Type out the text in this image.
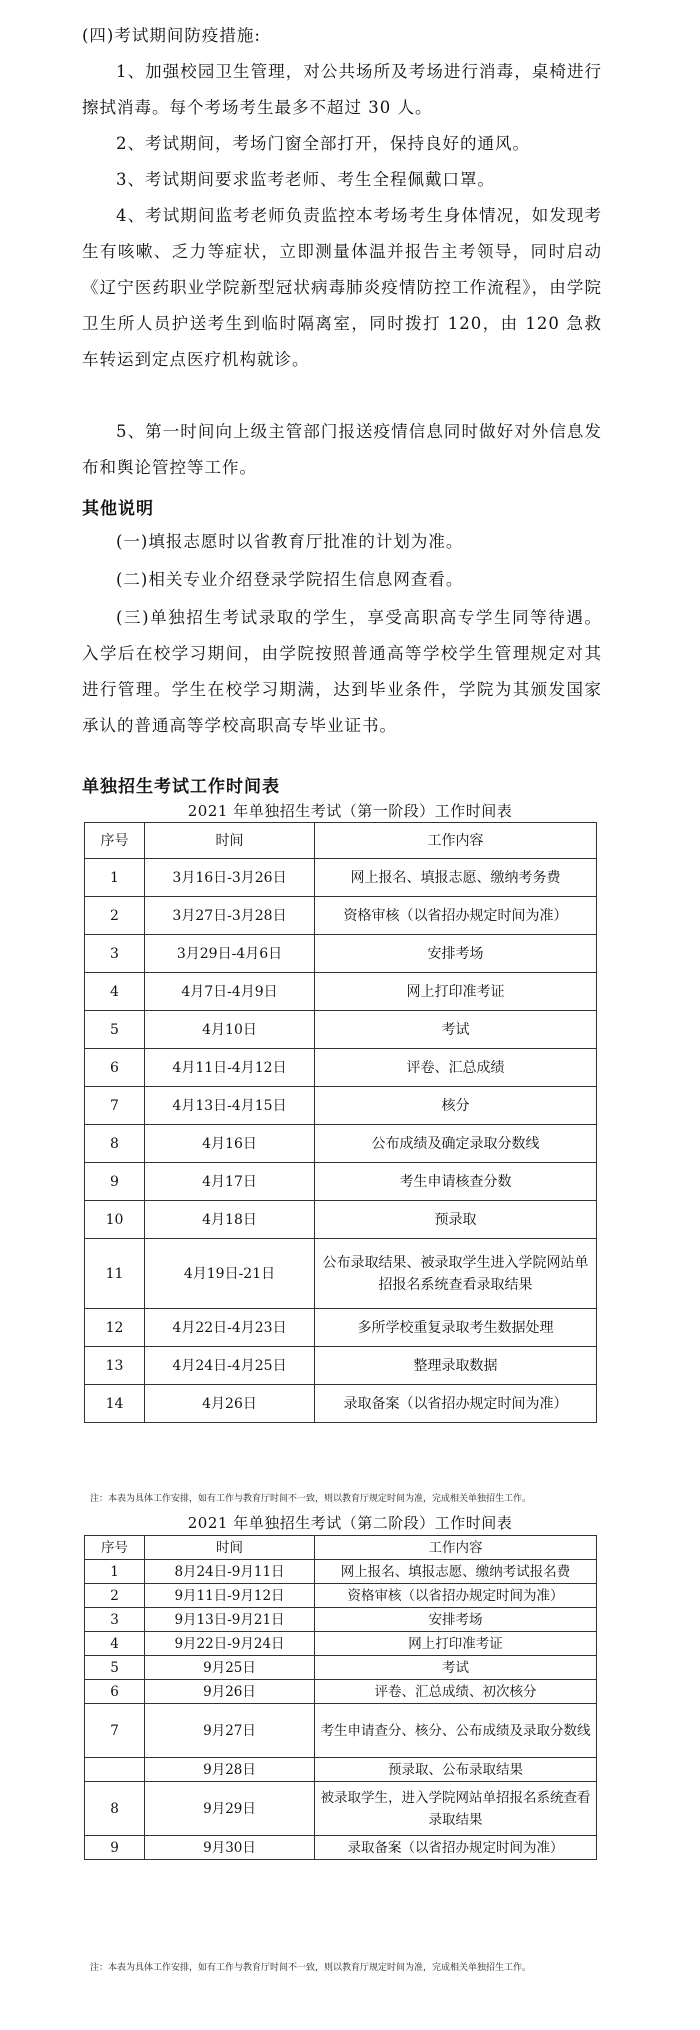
(四)考试期间防疫措施:
1、加强校园卫生管理，对公共场所及考场进行消毒，桌椅进行擦拭消毒。每个考场考生最多不超过 30 人。
2、考试期间，考场门窗全部打开，保持良好的通风。
3、考试期间要求监考老师、考生全程佩戴口罩。
4、考试期间监考老师负责监控本考场考生身体情况，如发现考生有咳嗽、乏力等症状，立即测量体温并报告主考领导，同时启动《辽宁医药职业学院新型冠状病毒肺炎疫情防控工作流程》，由学院卫生所人员护送考生到临时隔离室，同时拨打 120，由 120 急救车转运到定点医疗机构就诊。
5、第一时间向上级主管部门报送疫情信息同时做好对外信息发布和舆论管控等工作。
其他说明
(一)填报志愿时以省教育厅批准的计划为准。
(二)相关专业介绍登录学院招生信息网查看。
(三)单独招生考试录取的学生，享受高职高专学生同等待遇。入学后在校学习期间，由学院按照普通高等学校学生管理规定对其进行管理。学生在校学习期满，达到毕业条件，学院为其颁发国家承认的普通高等学校高职高专毕业证书。
单独招生考试工作时间表
2021 年单独招生考试（第一阶段）工作时间表
序号	时间	工作内容
1	3月16日-3月26日	网上报名、填报志愿、缴纳考务费
2	3月27日-3月28日	资格审核（以省招办规定时间为准）
3	3月29日-4月6日	安排考场
4	4月7日-4月9日	网上打印准考证
5	4月10日	考试
6	4月11日-4月12日	评卷、汇总成绩
7	4月13日-4月15日	核分
8	4月16日	公布成绩及确定录取分数线
9	4月17日	考生申请核查分数
10	4月18日	预录取
11	4月19日-21日	公布录取结果、被录取学生进入学院网站单招报名系统查看录取结果
12	4月22日-4月23日	多所学校重复录取考生数据处理
13	4月24日-4月25日	整理录取数据
14	4月26日	录取备案（以省招办规定时间为准）
注：本表为具体工作安排，如有工作与教育厅时间不一致，则以教育厅规定时间为准，完成相关单独招生工作。
2021 年单独招生考试（第二阶段）工作时间表
序号	时间	工作内容
1	8月24日-9月11日	网上报名、填报志愿、缴纳考试报名费
2	9月11日-9月12日	资格审核（以省招办规定时间为准）
3	9月13日-9月21日	安排考场
4	9月22日-9月24日	网上打印准考证
5	9月25日	考试
6	9月26日	评卷、汇总成绩、初次核分
7	9月27日	考生申请查分、核分、公布成绩及录取分数线
	9月28日	预录取、公布录取结果
8	9月29日	被录取学生，进入学院网站单招报名系统查看录取结果
9	9月30日	录取备案（以省招办规定时间为准）
注：本表为具体工作安排，如有工作与教育厅时间不一致，则以教育厅规定时间为准，完成相关单独招生工作。
